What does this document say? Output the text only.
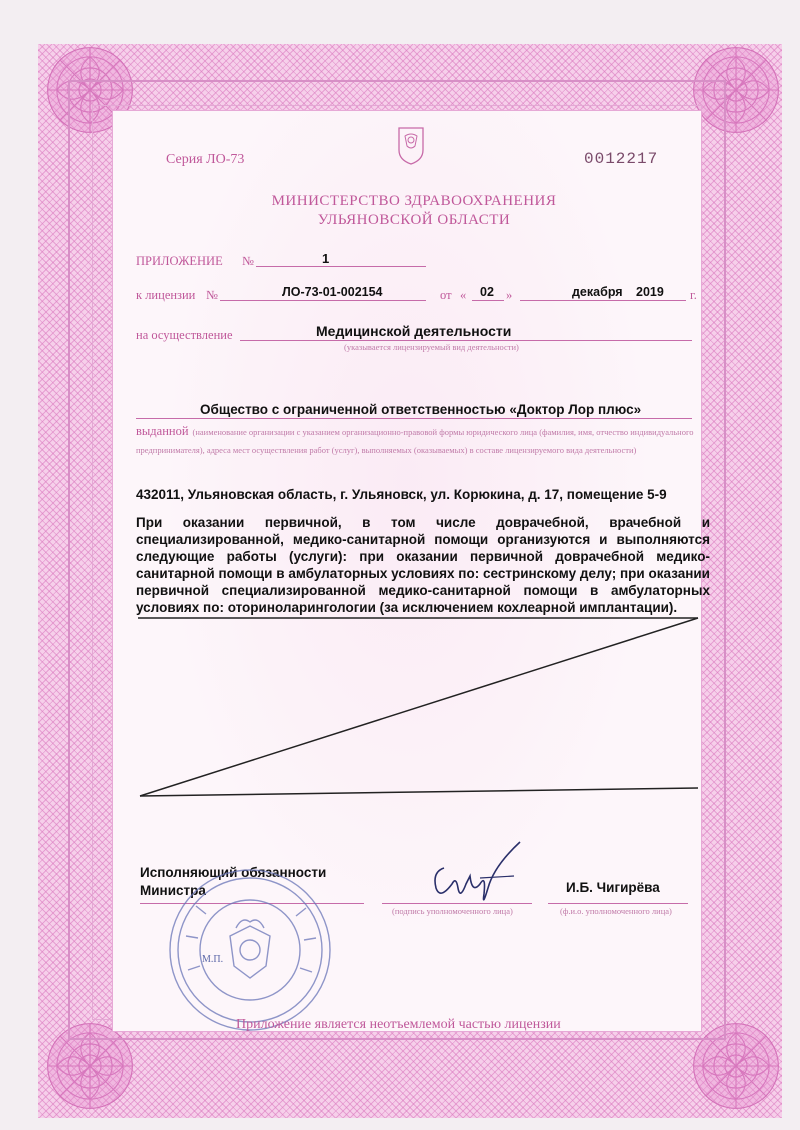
Серия ЛО-73	0012217
МИНИСТЕРСТВО ЗДРАВООХРАНЕНИЯ
УЛЬЯНОВСКОЙ ОБЛАСТИ
ПРИЛОЖЕНИЕ №	1
к лицензии №	ЛО-73-01-002154	от « 02 »	декабря 2019 г.
на осуществление	Медицинской деятельности
(указывается лицензируемый вид деятельности)
Общество с ограниченной ответственностью «Доктор Лор плюс»
выданной (наименование организации с указанием организационно-правовой формы юридического лица (фамилия, имя, отчество индивидуального предпринимателя), адреса мест осуществления работ (услуг), выполняемых (оказываемых) в составе лицензируемого вида деятельности)
432011, Ульяновская область, г. Ульяновск, ул. Корюкина, д. 17, помещение 5-9
При оказании первичной, в том числе доврачебной, врачебной и специализированной, медико-санитарной помощи организуются и выполняются следующие работы (услуги): при оказании первичной доврачебной медико-санитарной помощи в амбулаторных условиях по: сестринскому делу; при оказании первичной специализированной медико-санитарной помощи в амбулаторных условиях по: оториноларингологии (за исключением кохлеарной имплантации).
Исполняющий обязанности
Министра
(подпись уполномоченного лица)
И.Б. Чигирёва
(ф.и.о. уполномоченного лица)
М.П.
Приложение является неотъемлемой частью лицензии
